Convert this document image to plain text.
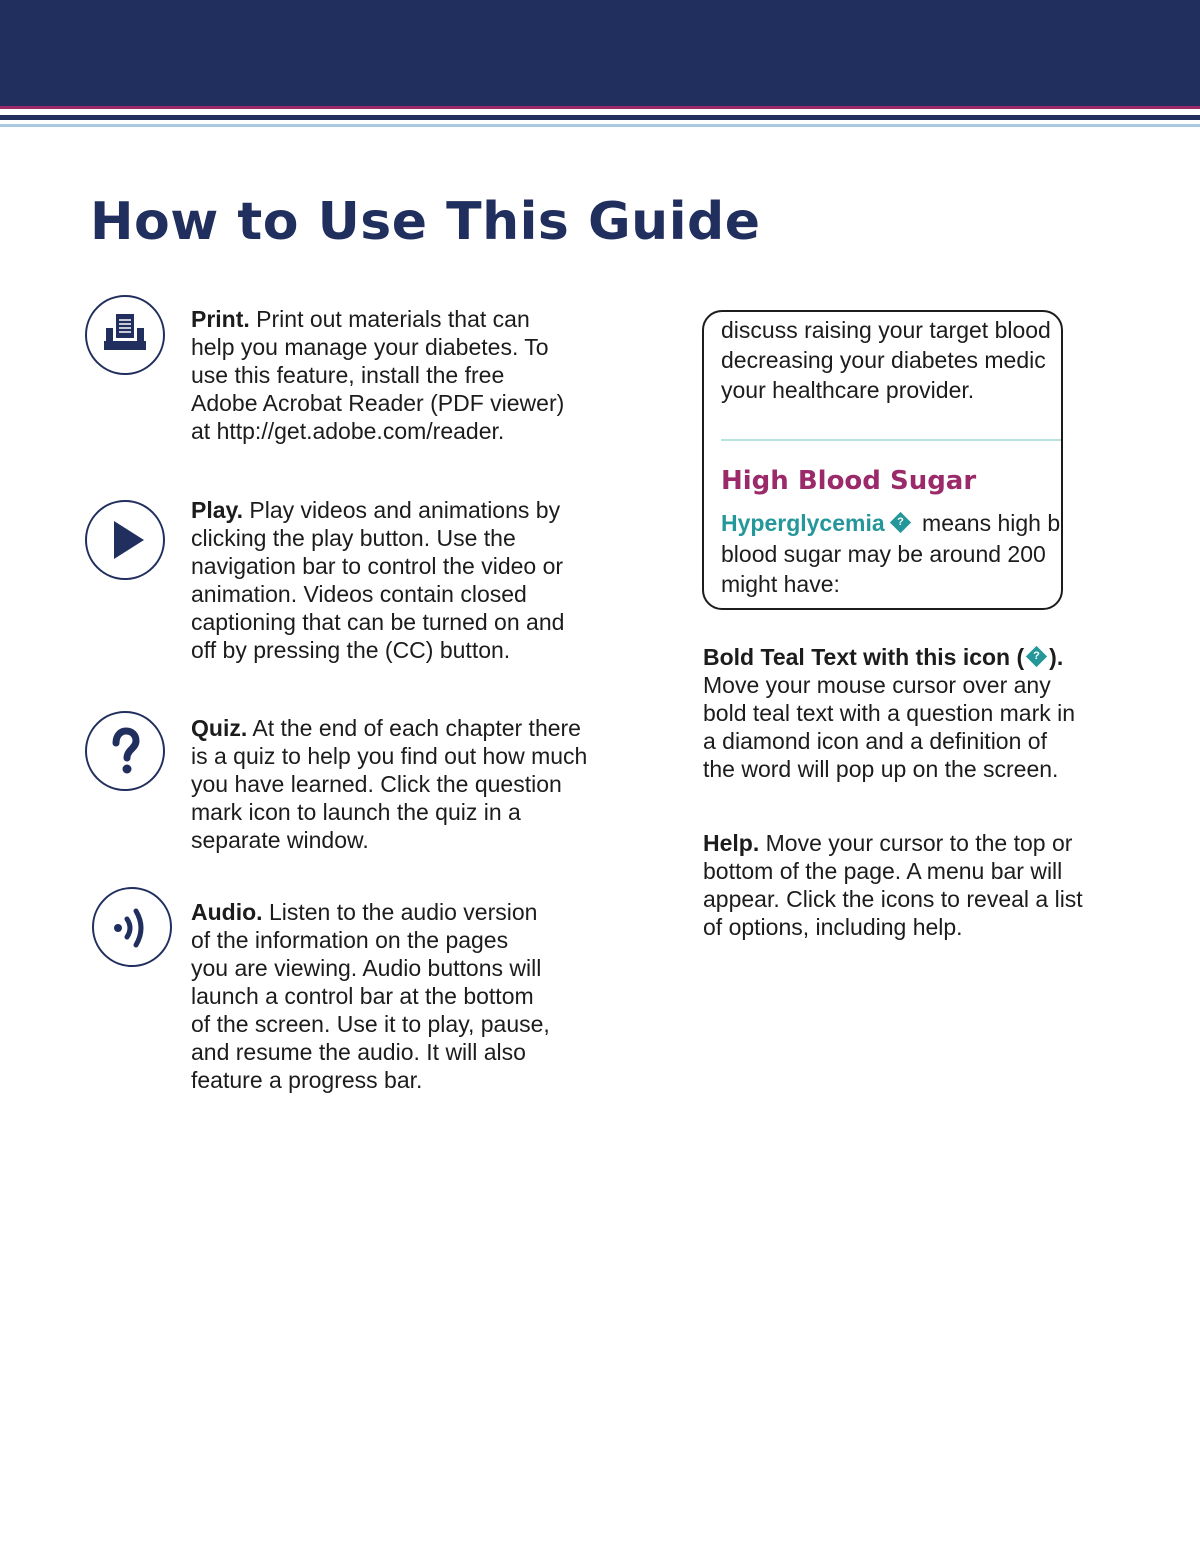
How to Use This Guide

Print. Print out materials that can
help you manage your diabetes. To
use this feature, install the free
Adobe Acrobat Reader (PDF viewer)
at http://get.adobe.com/reader.

Play. Play videos and animations by
clicking the play button. Use the
navigation bar to control the video or
animation. Videos contain closed
captioning that can be turned on and
off by pressing the (CC) button.

Quiz. At the end of each chapter there
is a quiz to help you find out how much
you have learned. Click the question
mark icon to launch the quiz in a
separate window.

Audio. Listen to the audio version
of the information on the pages
you are viewing. Audio buttons will
launch a control bar at the bottom
of the screen. Use it to play, pause,
and resume the audio. It will also
feature a progress bar.

discuss raising your target blood
decreasing your diabetes medic
your healthcare provider.
High Blood Sugar
Hyperglycemia	? means high b
blood sugar may be around 200
might have:

Bold Teal Text with this icon ( ? ).
Move your mouse cursor over any
bold teal text with a question mark in
a diamond icon and a definition of
the word will pop up on the screen.

Help. Move your cursor to the top or
bottom of the page. A menu bar will
appear. Click the icons to reveal a list
of options, including help.
